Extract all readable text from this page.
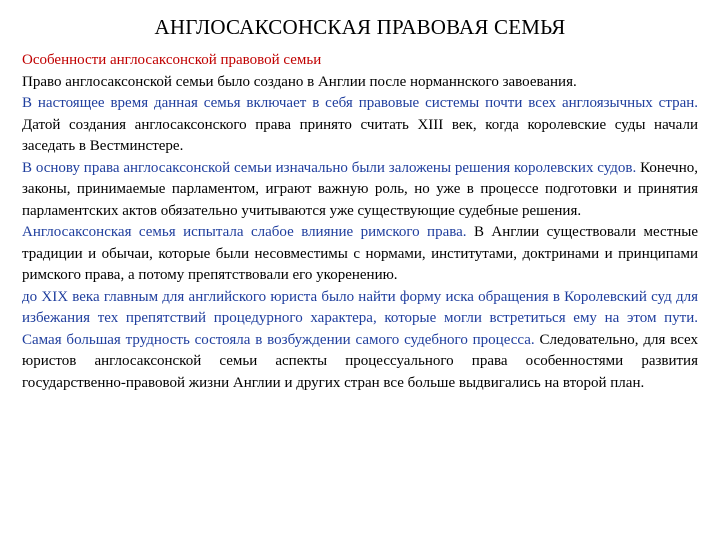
АНГЛОСАКСОНСКАЯ ПРАВОВАЯ СЕМЬЯ
Особенности англосаксонской правовой семьи

Право англосаксонской семьи было создано в Англии после норманнского завоевания.

В настоящее время данная семья включает в себя правовые системы почти всех англоязычных стран. Датой создания англосаксонского права принято считать XIII век, когда королевские суды начали заседать в Вестминстере.

В основу права англосаксонской семьи изначально были заложены решения королевских судов. Конечно, законы, принимаемые парламентом, играют важную роль, но уже в процессе подготовки и принятия парламентских актов обязательно учитываются уже существующие судебные решения.

Англосаксонская семья испытала слабое влияние римского права. В Англии существовали местные традиции и обычаи, которые были несовместимы с нормами, институтами, доктринами и принципами римского права, а потому препятствовали его укоренению.

до XIX века главным для английского юриста было найти форму иска обращения в Королевский суд для избежания тех препятствий процедурного характера, которые могли встретиться ему на этом пути. Самая большая трудность состояла в возбуждении самого судебного процесса. Следовательно, для всех юристов англосаксонской семьи аспекты процессуального права особенностями развития государственно-правовой жизни Англии и других стран все больше выдвигались на второй план.
